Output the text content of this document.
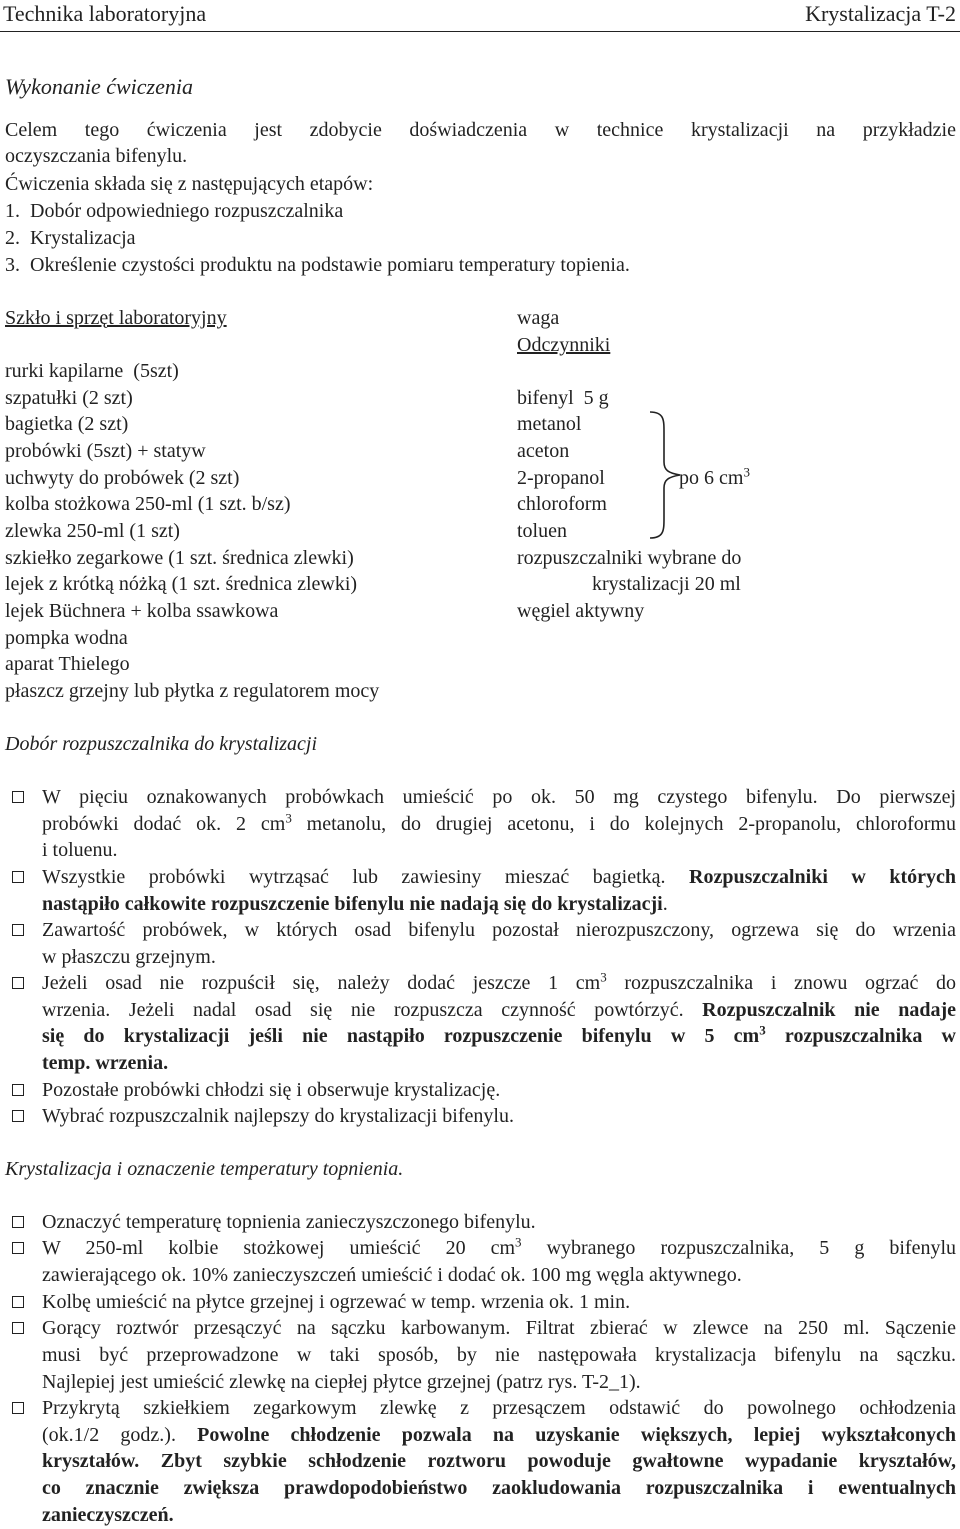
Technika laboratoryjna	Krystalizacja T-2
Wykonanie ćwiczenia
Celem tego ćwiczenia jest zdobycie doświadczenia w technice krystalizacji na przykładzie
oczyszczania bifenylu.
Ćwiczenia składa się z następujących etapów:
1.  Dobór odpowiedniego rozpuszczalnika
2.  Krystalizacja
3.  Określenie czystości produktu na podstawie pomiaru temperatury topienia.
Szkło i sprzęt laboratoryjny
rurki kapilarne  (5szt)
szpatułki (2 szt)
bagietka (2 szt)
probówki (5szt) + statyw
uchwyty do probówek (2 szt)
kolba stożkowa 250-ml (1 szt. b/sz)
zlewka 250-ml (1 szt)
szkiełko zegarkowe (1 szt. średnica zlewki)
lejek z krótką nóżką (1 szt. średnica zlewki)
lejek Büchnera + kolba ssawkowa
pompka wodna
aparat Thielego
płaszcz grzejny lub płytka z regulatorem mocy
waga
Odczynniki
bifenyl  5 g
metanol
aceton
2-propanol
chloroform
toluen
po 6 $cm^3$
rozpuszczalniki wybrane do
krystalizacji 20 ml
węgiel aktywny
Dobór rozpuszczalnika do krystalizacji
W pięciu oznakowanych probówkach umieścić po ok. 50 mg czystego bifenylu. Do pierwszej
probówki dodać ok. 2 $cm^3$ metanolu, do drugiej acetonu, i do kolejnych 2-propanolu, chloroformu
i toluenu.
Wszystkie probówki wytrząsać lub zawiesiny mieszać bagietką. Rozpuszczalniki w których
nastąpiło całkowite rozpuszczenie bifenylu nie nadają się do krystalizacji.
Zawartość probówek, w których osad bifenylu pozostał nierozpuszczony, ogrzewa się do wrzenia
w płaszczu grzejnym.
Jeżeli osad nie rozpuścił się, należy dodać jeszcze 1 $cm^3$ rozpuszczalnika i znowu ogrzać do
wrzenia. Jeżeli nadal osad się nie rozpuszcza czynność powtórzyć. Rozpuszczalnik nie nadaje
się do krystalizacji jeśli nie nastąpiło rozpuszczenie bifenylu w 5 $cm^3$ rozpuszczalnika w
temp. wrzenia.
Pozostałe probówki chłodzi się i obserwuje krystalizację.
Wybrać rozpuszczalnik najlepszy do krystalizacji bifenylu.
Krystalizacja i oznaczenie temperatury topnienia.
Oznaczyć temperaturę topnienia zanieczyszczonego bifenylu.
W 250-ml kolbie stożkowej umieścić 20 $cm^3$ wybranego rozpuszczalnika, 5 g bifenylu
zawierającego ok. 10% zanieczyszczeń umieścić i dodać ok. 100 mg węgla aktywnego.
Kolbę umieścić na płytce grzejnej i ogrzewać w temp. wrzenia ok. 1 min.
Gorący roztwór przesączyć na sączku karbowanym. Filtrat zbierać w zlewce na 250 ml. Sączenie
musi być przeprowadzone w taki sposób, by nie następowała krystalizacja bifenylu na sączku.
Najlepiej jest umieścić zlewkę na ciepłej płytce grzejnej (patrz rys. T-2_1).
Przykrytą szkiełkiem zegarkowym zlewkę z przesączem odstawić do powolnego ochłodzenia
(ok.1/2 godz.). Powolne chłodzenie pozwala na uzyskanie większych, lepiej wykształconych
kryształów. Zbyt szybkie schłodzenie roztworu powoduje gwałtowne wypadanie kryształów,
co znacznie zwiększa prawdopodobieństwo zaokludowania rozpuszczalnika i ewentualnych
zanieczyszczeń.
